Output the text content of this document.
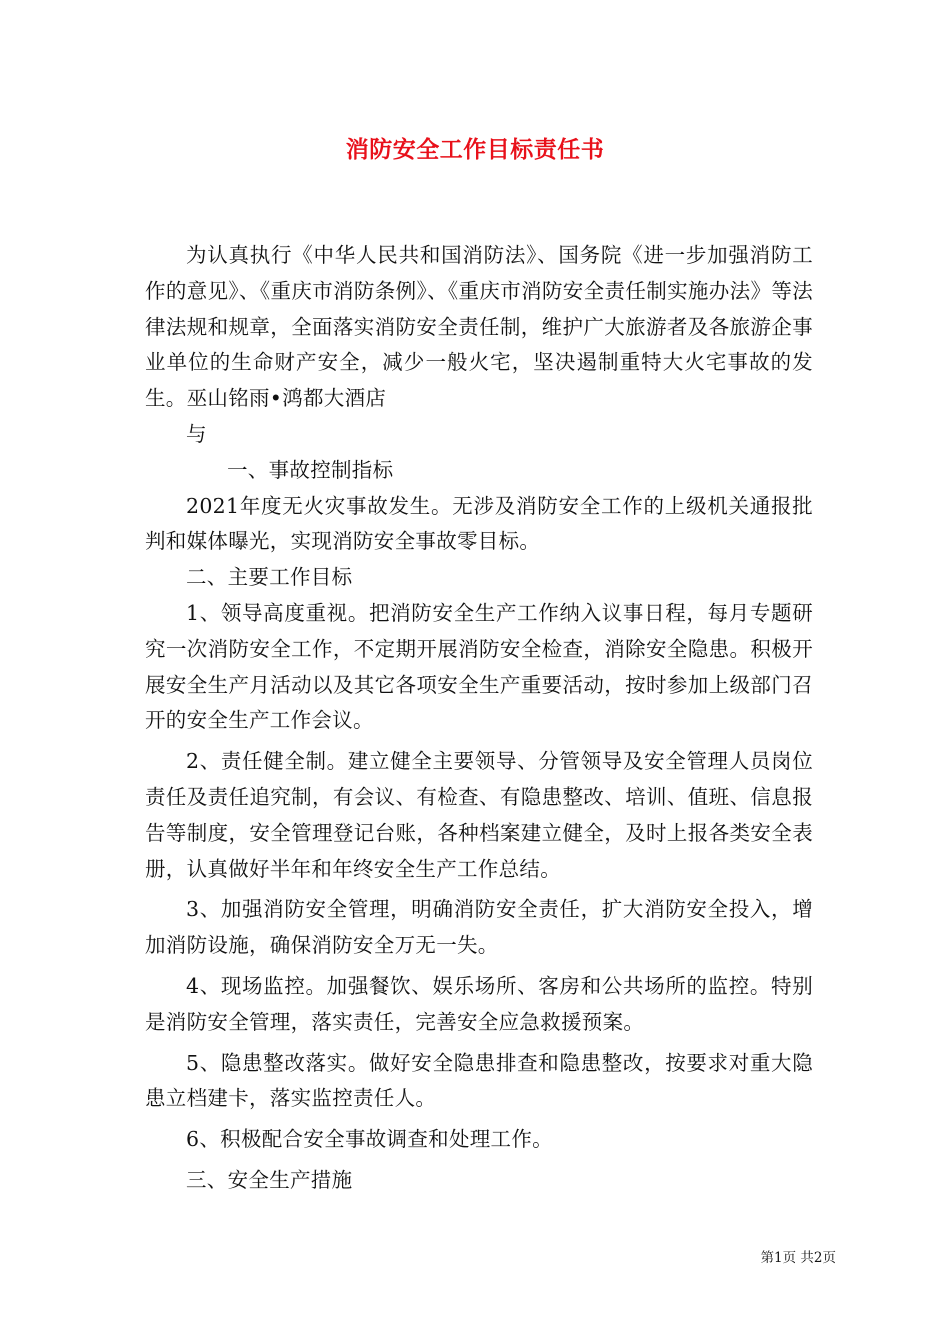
消防安全工作目标责任书

为认真执行《中华人民共和国消防法》、国务院《进一步加强消防工作的意见》、《重庆市消防条例》、《重庆市消防安全责任制实施办法》等法律法规和规章，全面落实消防安全责任制，维护广大旅游者及各旅游企事业单位的生命财产安全，减少一般火宅，坚决遏制重特大火宅事故的发生。巫山铭雨•鸿都大酒店

与

一、事故控制指标

2021年度无火灾事故发生。无涉及消防安全工作的上级机关通报批判和媒体曝光，实现消防安全事故零目标。

二、主要工作目标

1、领导高度重视。把消防安全生产工作纳入议事日程，每月专题研究一次消防安全工作，不定期开展消防安全检查，消除安全隐患。积极开展安全生产月活动以及其它各项安全生产重要活动，按时参加上级部门召开的安全生产工作会议。

2、责任健全制。建立健全主要领导、分管领导及安全管理人员岗位责任及责任追究制，有会议、有检查、有隐患整改、培训、值班、信息报告等制度，安全管理登记台账，各种档案建立健全，及时上报各类安全表册，认真做好半年和年终安全生产工作总结。

3、加强消防安全管理，明确消防安全责任，扩大消防安全投入，增加消防设施，确保消防安全万无一失。

4、现场监控。加强餐饮、娱乐场所、客房和公共场所的监控。特别是消防安全管理，落实责任，完善安全应急救援预案。

5、隐患整改落实。做好安全隐患排查和隐患整改，按要求对重大隐患立档建卡，落实监控责任人。

6、积极配合安全事故调查和处理工作。

三、安全生产措施

第1页 共2页
